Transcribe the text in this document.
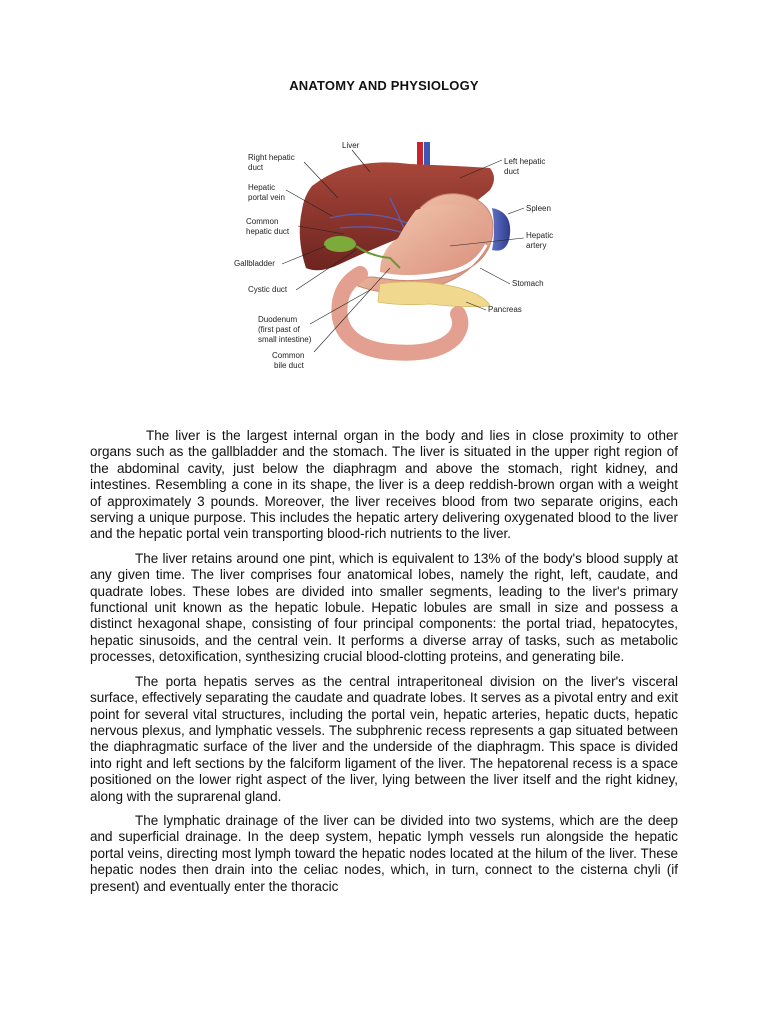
ANATOMY AND PHYSIOLOGY
Liver
Right hepatic
duct
Hepatic
portal vein
Common
hepatic duct
Gallbladder
Cystic duct
Duodenum
(first past of
small intestine)
Common
bile duct
Left hepatic
duct
Spleen
Hepatic
artery
Stomach
Pancreas

The liver is the largest internal organ in the body and lies in close proximity to other organs such as the gallbladder and the stomach. The liver is situated in the upper right region of the abdominal cavity, just below the diaphragm and above the stomach, right kidney, and intestines. Resembling a cone in its shape, the liver is a deep reddish-brown organ with a weight of approximately 3 pounds. Moreover, the liver receives blood from two separate origins, each serving a unique purpose. This includes the hepatic artery delivering oxygenated blood to the liver and the hepatic portal vein transporting blood-rich nutrients to the liver.

The liver retains around one pint, which is equivalent to 13% of the body's blood supply at any given time. The liver comprises four anatomical lobes, namely the right, left, caudate, and quadrate lobes. These lobes are divided into smaller segments, leading to the liver's primary functional unit known as the hepatic lobule. Hepatic lobules are small in size and possess a distinct hexagonal shape, consisting of four principal components: the portal triad, hepatocytes, hepatic sinusoids, and the central vein. It performs a diverse array of tasks, such as metabolic processes, detoxification, synthesizing crucial blood-clotting proteins, and generating bile.

The porta hepatis serves as the central intraperitoneal division on the liver's visceral surface, effectively separating the caudate and quadrate lobes. It serves as a pivotal entry and exit point for several vital structures, including the portal vein, hepatic arteries, hepatic ducts, hepatic nervous plexus, and lymphatic vessels. The subphrenic recess represents a gap situated between the diaphragmatic surface of the liver and the underside of the diaphragm. This space is divided into right and left sections by the falciform ligament of the liver. The hepatorenal recess is a space positioned on the lower right aspect of the liver, lying between the liver itself and the right kidney, along with the suprarenal gland.

The lymphatic drainage of the liver can be divided into two systems, which are the deep and superficial drainage. In the deep system, hepatic lymph vessels run alongside the hepatic portal veins, directing most lymph toward the hepatic nodes located at the hilum of the liver. These hepatic nodes then drain into the celiac nodes, which, in turn, connect to the cisterna chyli (if present) and eventually enter the thoracic
